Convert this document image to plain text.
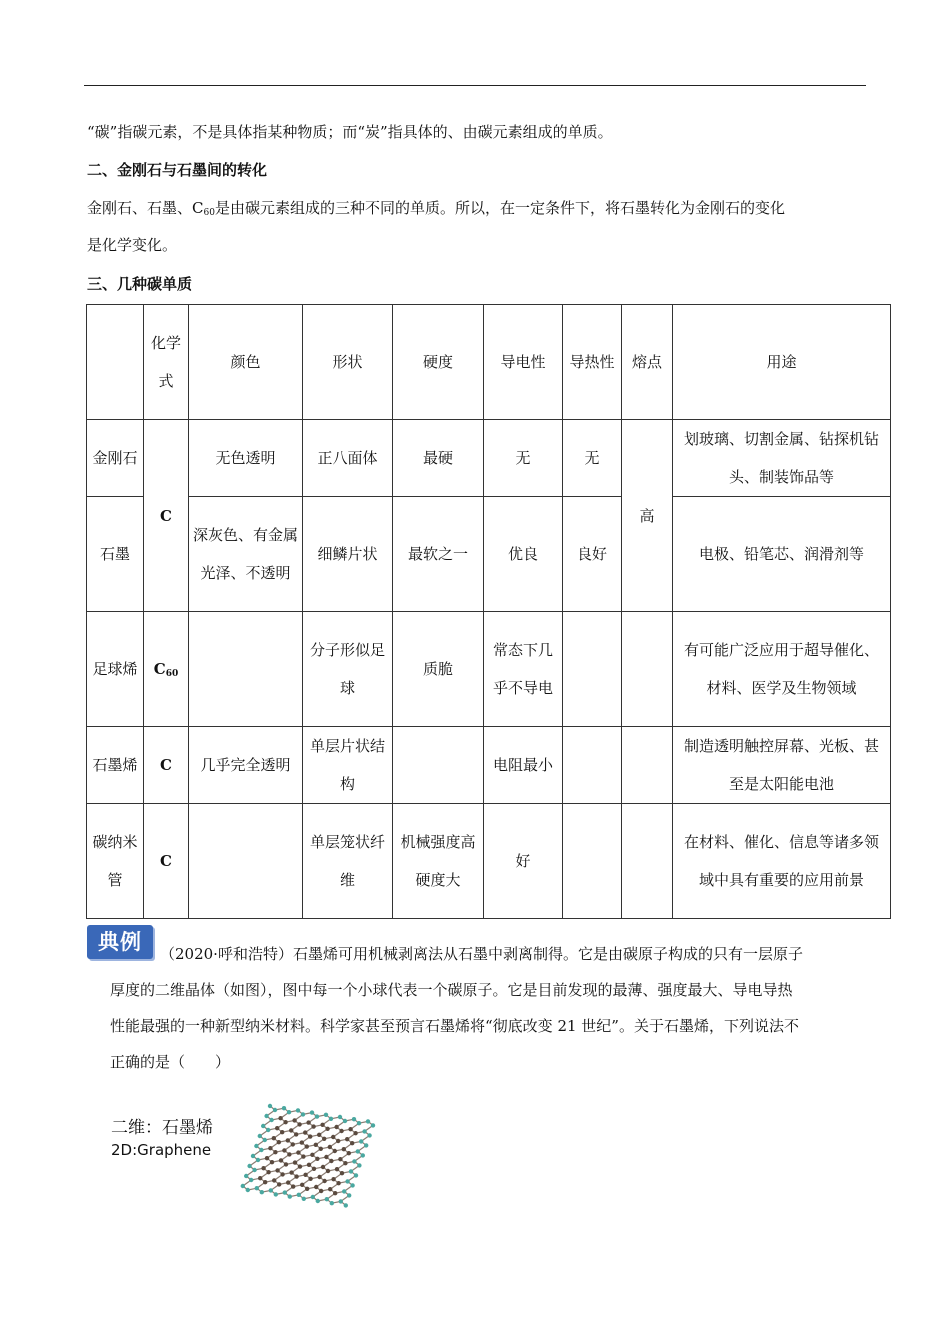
“碳”指碳元素，不是具体指某种物质；而“炭”指具体的、由碳元素组成的单质。
二、金刚石与石墨间的转化
金刚石、石墨、$C_{60}$是由碳元素组成的三种不同的单质。所以，在一定条件下，将石墨转化为金刚石的变化
是化学变化。
三、几种碳单质
	化学式	颜色	形状	硬度	导电性	导热性	熔点	用途
金刚石	C	无色透明	正八面体	最硬	无	无	高	划玻璃、切割金属、钻探机钻头、制装饰品等
石墨		深灰色、有金属光泽、不透明	细鳞片状	最软之一	优良	良好		电极、铅笔芯、润滑剂等
足球烯	$C_{60}$		分子形似足球	质脆	常态下几乎不导电			有可能广泛应用于超导催化、材料、医学及生物领域
石墨烯	C	几乎完全透明	单层片状结构		电阻最小			制造透明触控屏幕、光板、甚至是太阳能电池
碳纳米管	C		单层笼状纤维	机械强度高硬度大	好			在材料、催化、信息等诸多领域中具有重要的应用前景
典例	（2020·呼和浩特）石墨烯可用机械剥离法从石墨中剥离制得。它是由碳原子构成的只有一层原子
厚度的二维晶体（如图），图中每一个小球代表一个碳原子。它是目前发现的最薄、强度最大、导电导热
性能最强的一种新型纳米材料。科学家甚至预言石墨烯将“彻底改变 21 世纪”。关于石墨烯，下列说法不
正确的是（　　）
二维：石墨烯
2D:Graphene
